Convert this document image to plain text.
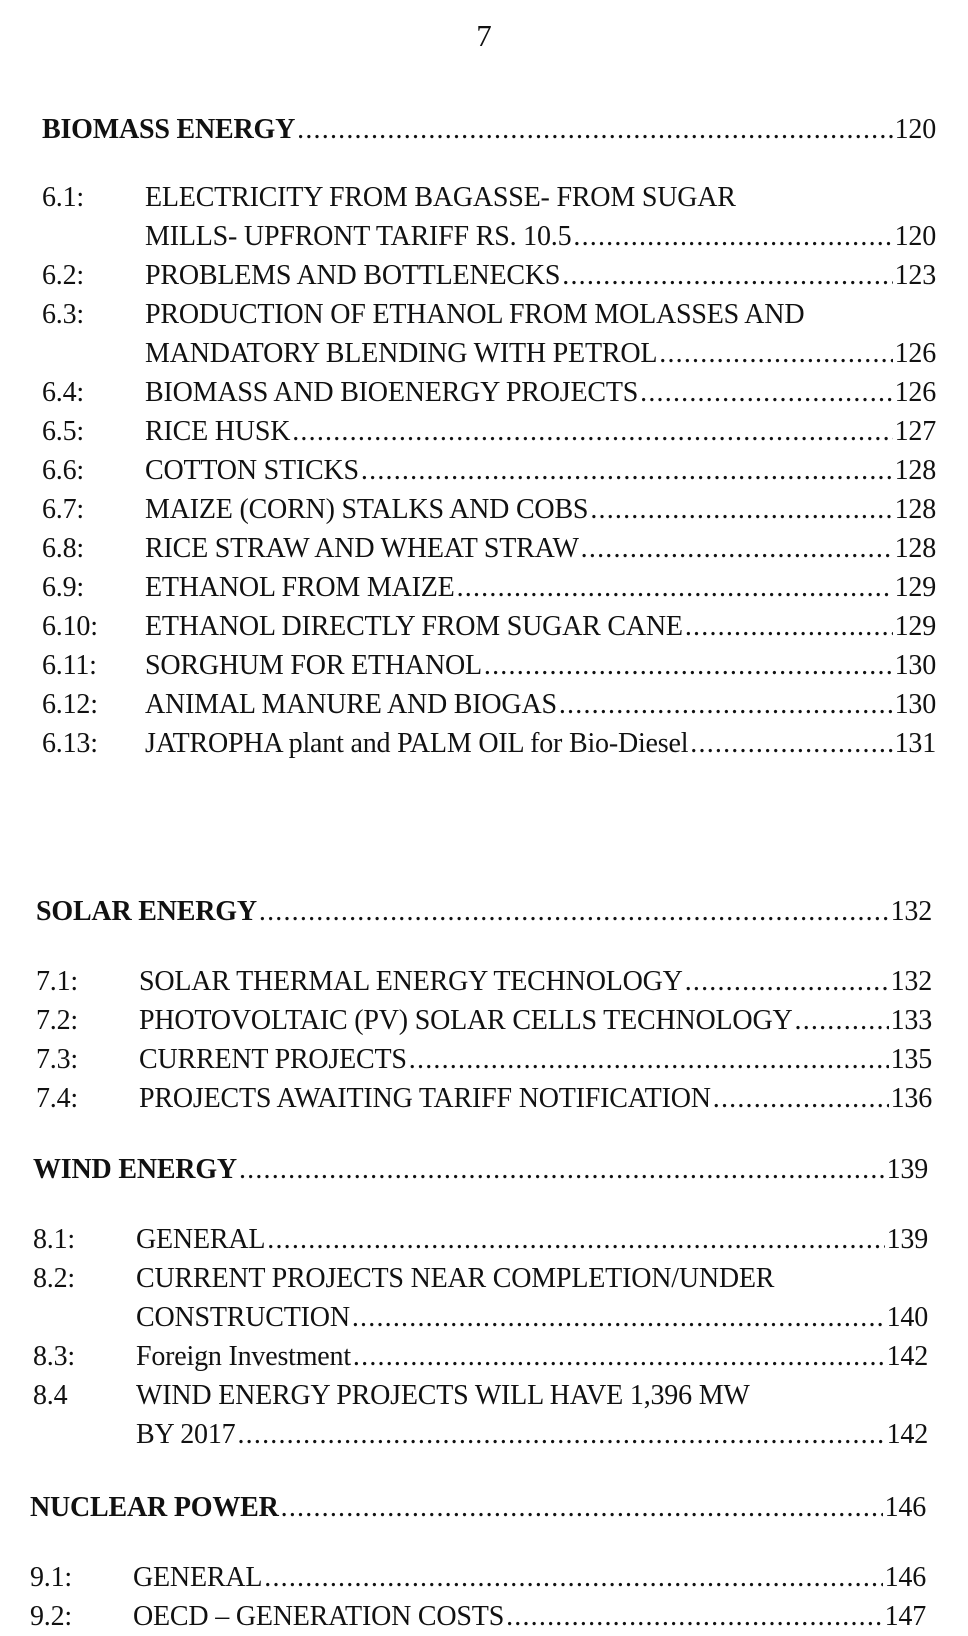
7
BIOMASS ENERGY .....	120
6.1:	ELECTRICITY FROM BAGASSE- FROM SUGAR
MILLS- UPFRONT TARIFF RS. 10.5 .....	120
6.2:	PROBLEMS AND BOTTLENECKS .....	123
6.3:	PRODUCTION OF ETHANOL FROM MOLASSES AND
MANDATORY BLENDING WITH PETROL .....	126
6.4:	BIOMASS AND BIOENERGY PROJECTS .....	126
6.5:	RICE HUSK .....	127
6.6:	COTTON STICKS .....	128
6.7:	MAIZE (CORN) STALKS AND COBS .....	128
6.8:	RICE STRAW AND WHEAT STRAW .....	128
6.9:	ETHANOL FROM MAIZE .....	129
6.10:	ETHANOL DIRECTLY FROM SUGAR CANE .....	129
6.11:	SORGHUM FOR ETHANOL .....	130
6.12:	ANIMAL MANURE AND BIOGAS .....	130
6.13:	JATROPHA plant and PALM OIL for Bio-Diesel .....	131
SOLAR ENERGY .....	132
7.1:	SOLAR THERMAL ENERGY TECHNOLOGY .....	132
7.2:	PHOTOVOLTAIC (PV) SOLAR CELLS TECHNOLOGY .....	133
7.3:	CURRENT PROJECTS .....	135
7.4:	PROJECTS AWAITING TARIFF NOTIFICATION .....	136
WIND ENERGY .....	139
8.1:	GENERAL .....	139
8.2:	CURRENT PROJECTS NEAR COMPLETION/UNDER
CONSTRUCTION .....	140
8.3:	Foreign Investment .....	142
8.4	WIND ENERGY PROJECTS WILL HAVE 1,396 MW
BY 2017 .....	142
NUCLEAR POWER .....	146
9.1:	GENERAL .....	146
9.2:	OECD – GENERATION COSTS .....	147
